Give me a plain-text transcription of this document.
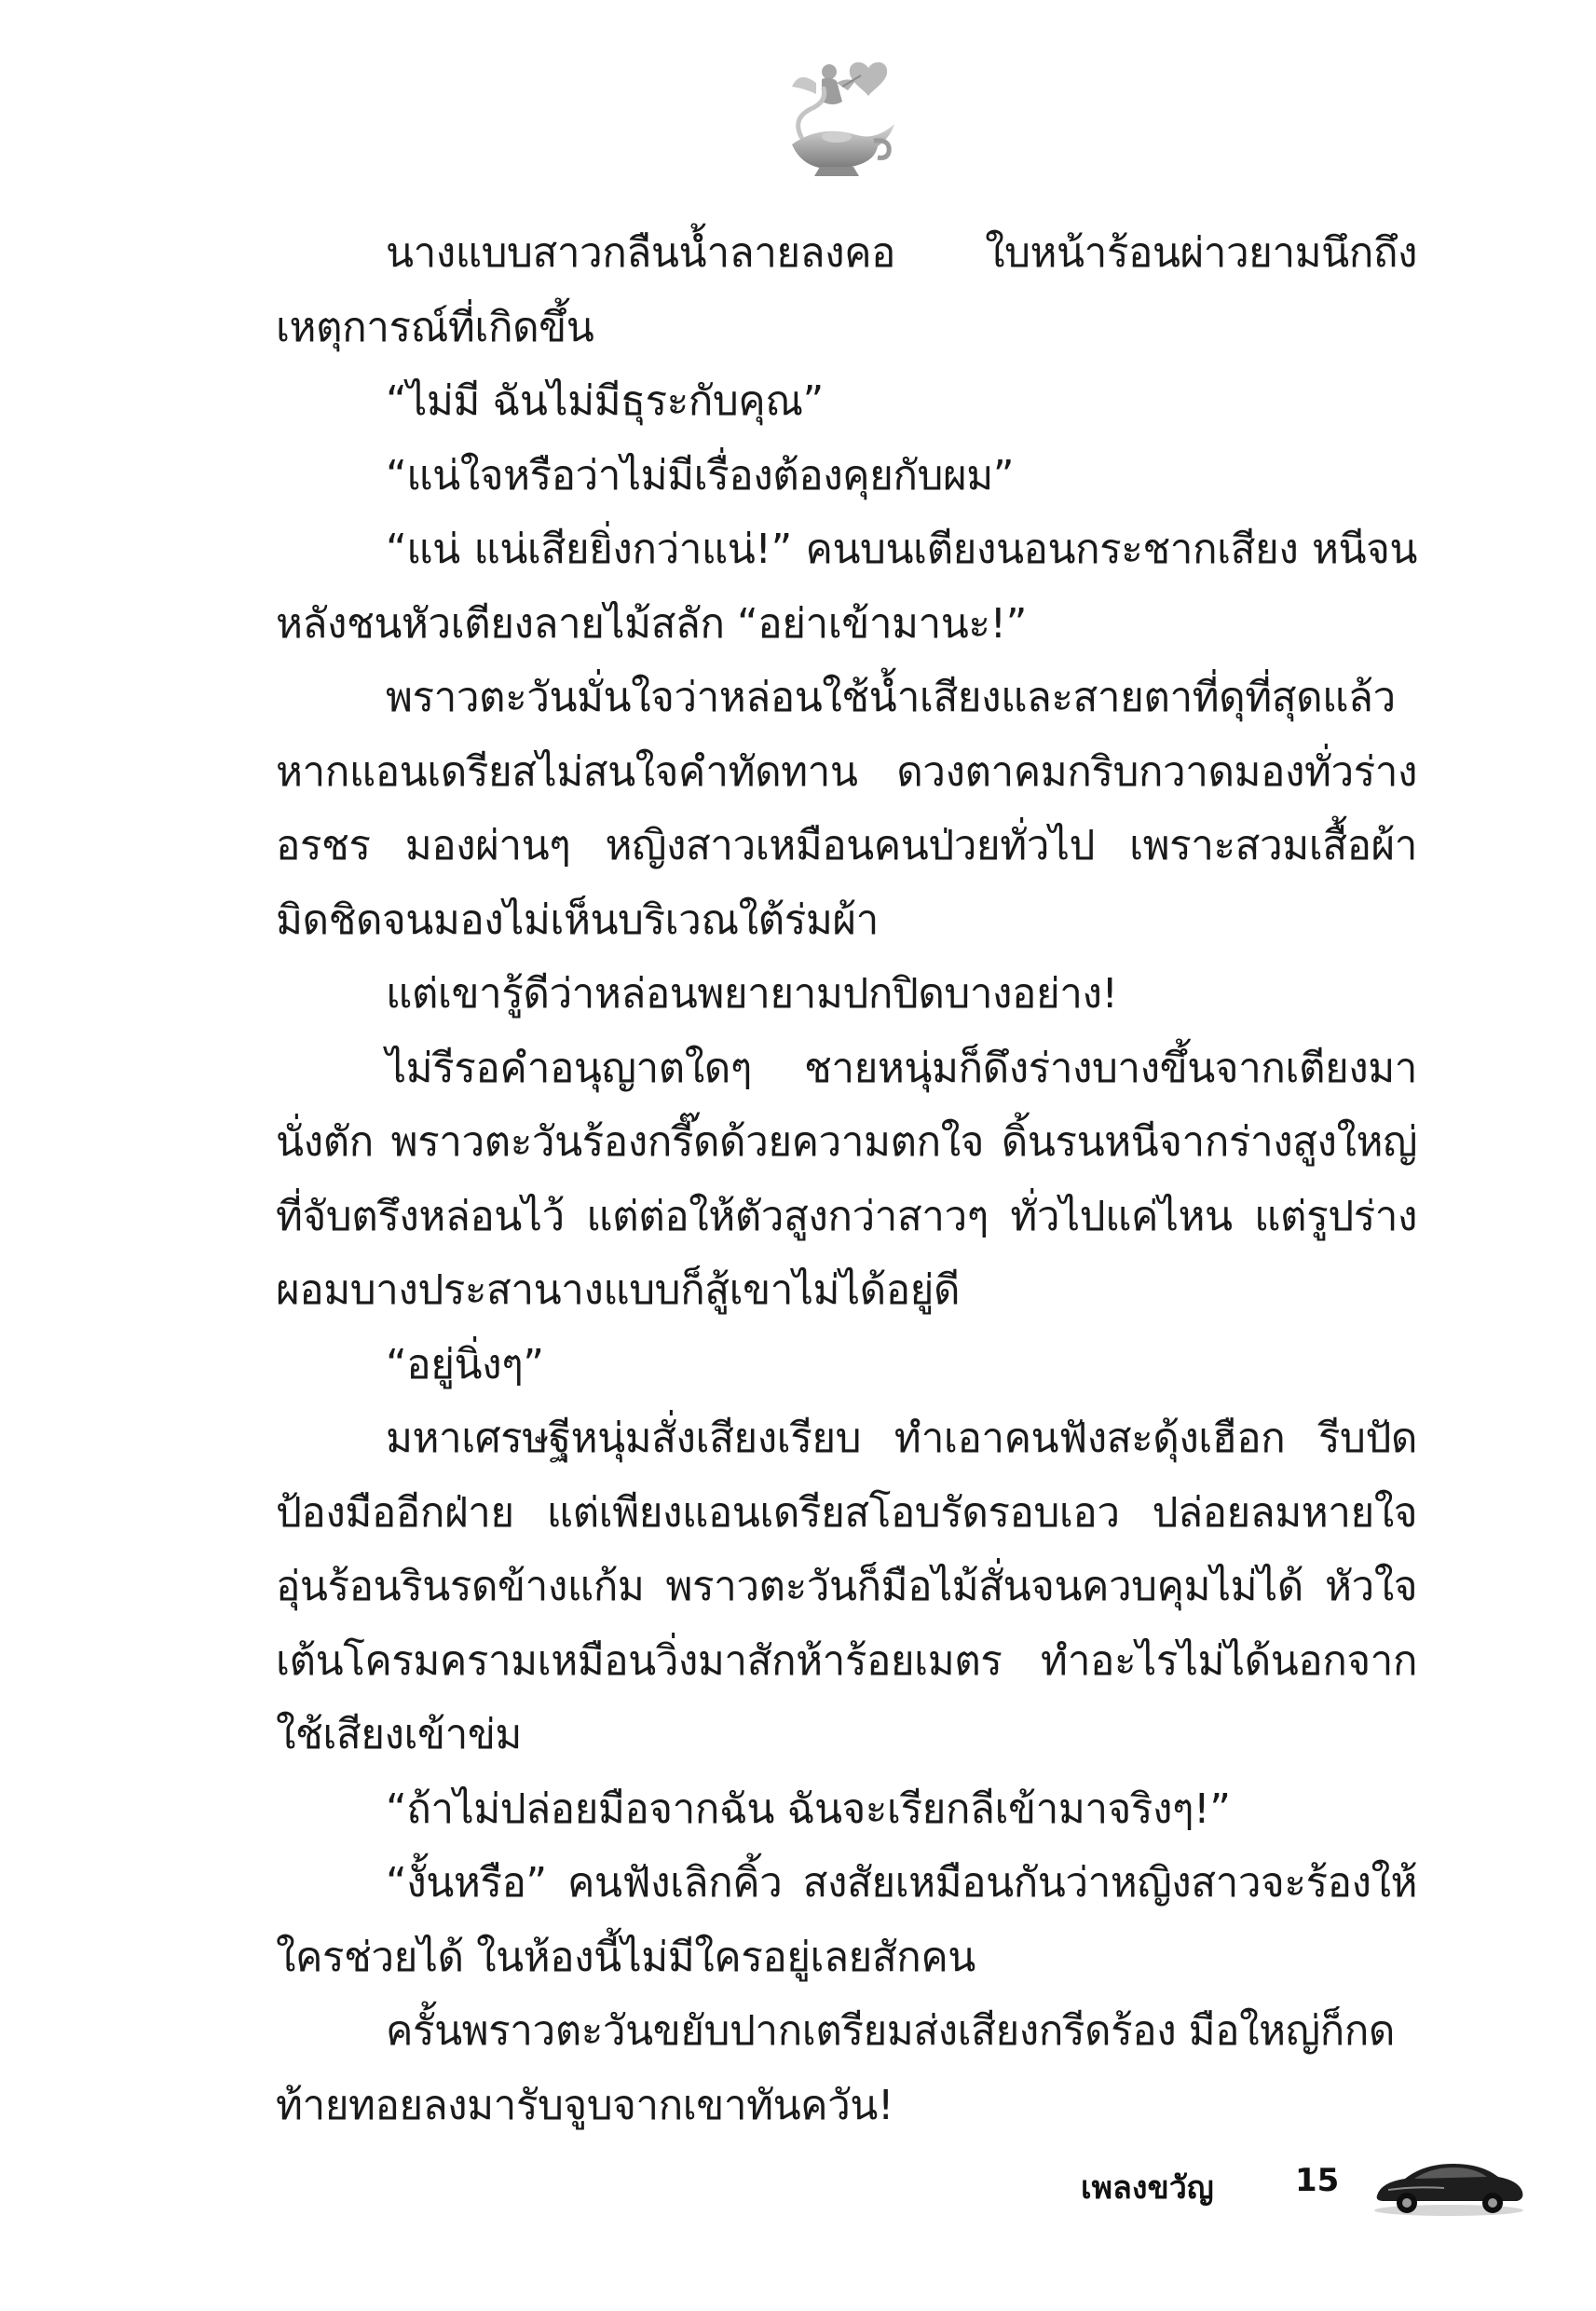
นางแบบสาวกลืนน้ำลายลงคอ ใบหน้าร้อนผ่าวยามนึกถึงเหตุการณ์ที่เกิดขึ้น

“ไม่มี ฉันไม่มีธุระกับคุณ”

“แน่ใจหรือว่าไม่มีเรื่องต้องคุยกับผม”

“แน่ แน่เสียยิ่งกว่าแน่!” คนบนเตียงนอนกระชากเสียง หนีจนหลังชนหัวเตียงลายไม้สลัก “อย่าเข้ามานะ!”

พราวตะวันมั่นใจว่าหล่อนใช้น้ำเสียงและสายตาที่ดุที่สุดแล้ว หากแอนเดรียสไม่สนใจคำทัดทาน ดวงตาคมกริบกวาดมองทั่วร่างอรชร มองผ่านๆ หญิงสาวเหมือนคนป่วยทั่วไป เพราะสวมเสื้อผ้ามิดชิดจนมองไม่เห็นบริเวณใต้ร่มผ้า

แต่เขารู้ดีว่าหล่อนพยายามปกปิดบางอย่าง!

ไม่รีรอคำอนุญาตใดๆ ชายหนุ่มก็ดึงร่างบางขึ้นจากเตียงมานั่งตัก พราวตะวันร้องกรี๊ดด้วยความตกใจ ดิ้นรนหนีจากร่างสูงใหญ่ที่จับตรึงหล่อนไว้ แต่ต่อให้ตัวสูงกว่าสาวๆ ทั่วไปแค่ไหน แต่รูปร่างผอมบางประสานางแบบก็สู้เขาไม่ได้อยู่ดี

“อยู่นิ่งๆ”

มหาเศรษฐีหนุ่มสั่งเสียงเรียบ ทำเอาคนฟังสะดุ้งเฮือก รีบปัดป้องมืออีกฝ่าย แต่เพียงแอนเดรียสโอบรัดรอบเอว ปล่อยลมหายใจอุ่นร้อนรินรดข้างแก้ม พราวตะวันก็มือไม้สั่นจนควบคุมไม่ได้ หัวใจเต้นโครมครามเหมือนวิ่งมาสักห้าร้อยเมตร ทำอะไรไม่ได้นอกจากใช้เสียงเข้าข่ม

“ถ้าไม่ปล่อยมือจากฉัน ฉันจะเรียกลีเข้ามาจริงๆ!”

“งั้นหรือ” คนฟังเลิกคิ้ว สงสัยเหมือนกันว่าหญิงสาวจะร้องให้ใครช่วยได้ ในห้องนี้ไม่มีใครอยู่เลยสักคน

ครั้นพราวตะวันขยับปากเตรียมส่งเสียงกรีดร้อง มือใหญ่ก็กดท้ายทอยลงมารับจูบจากเขาทันควัน!

เพลงขวัญ	15
